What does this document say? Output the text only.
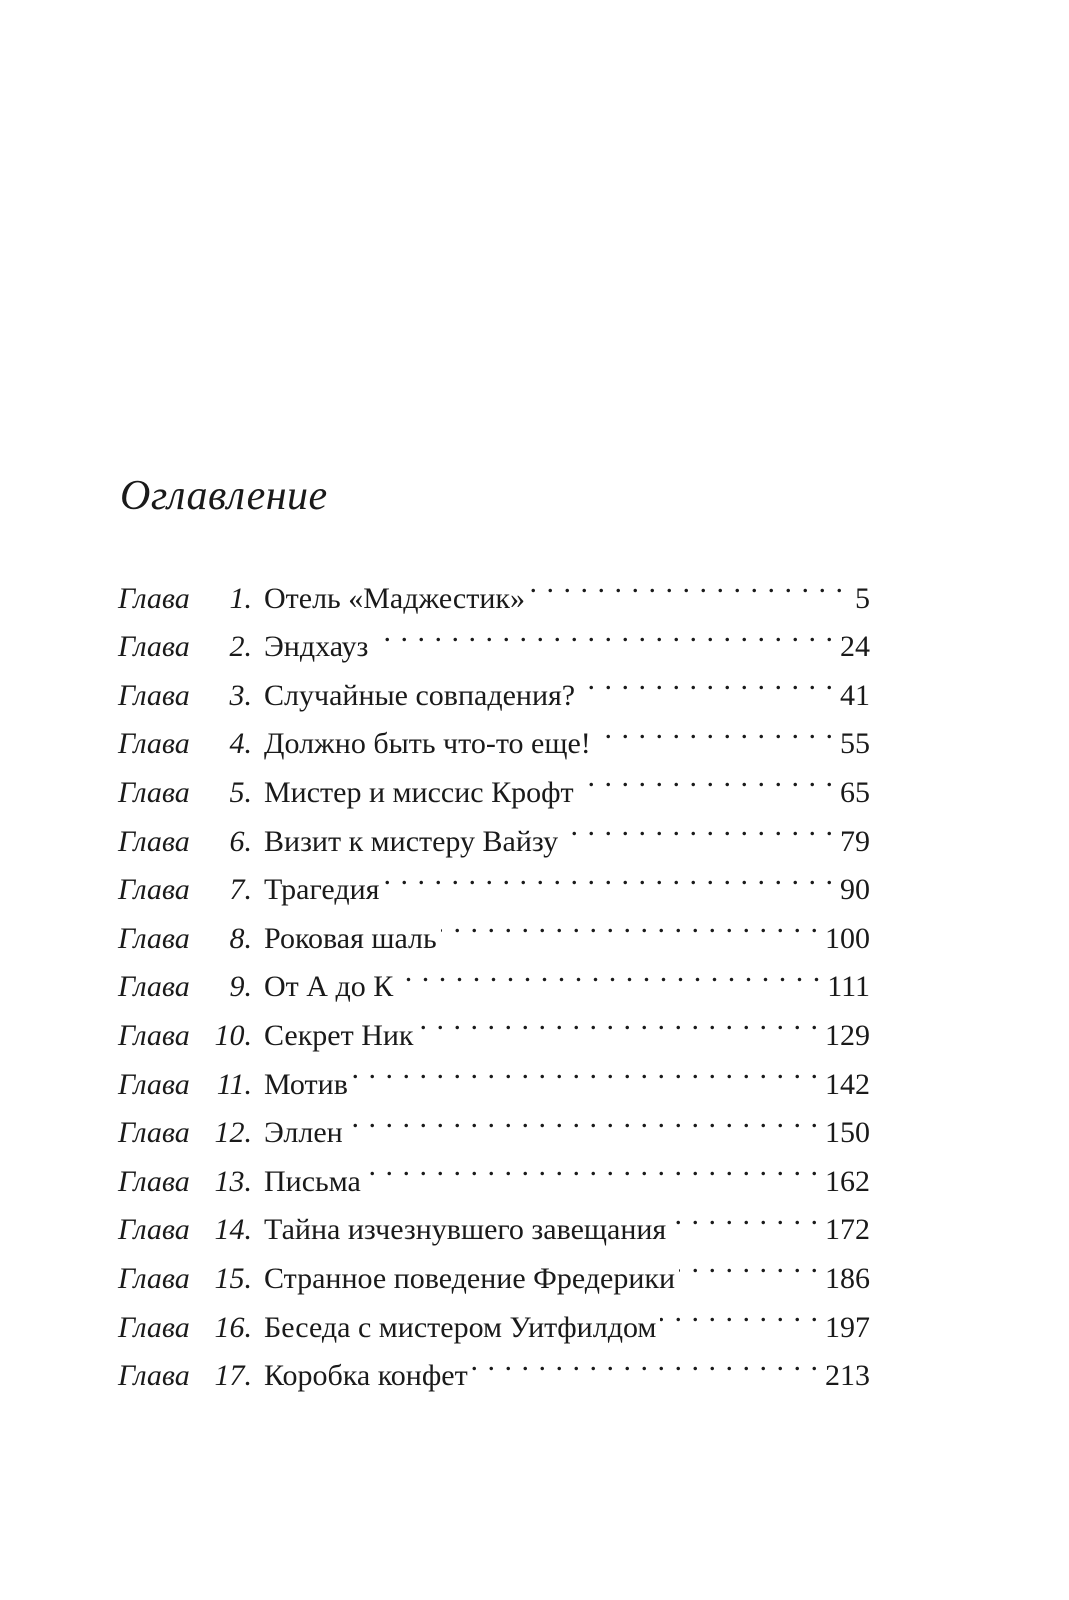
Оглавление
Глава	1. Отель «Маджестик» . . .	5
Глава	2. Эндхауз . . .	24
Глава	3. Случайные совпадения? . . .	41
Глава	4. Должно быть что-то еще! . . .	55
Глава	5. Мистер и миссис Крофт . . .	65
Глава	6. Визит к мистеру Вайзу . . .	79
Глава	7. Трагедия . . .	90
Глава	8. Роковая шаль . . .	100
Глава	9. От А до К . . .	111
Глава 10. Секрет Ник . . .	129
Глава 11. Мотив . . .	142
Глава 12. Эллен . . .	150
Глава 13. Письма . . .	162
Глава 14. Тайна изчезнувшего завещания . . .	172
Глава 15. Странное поведение Фредерики . . .	186
Глава 16. Беседа с мистером Уитфилдом . . .	197
Глава 17. Коробка конфет . . .	213
